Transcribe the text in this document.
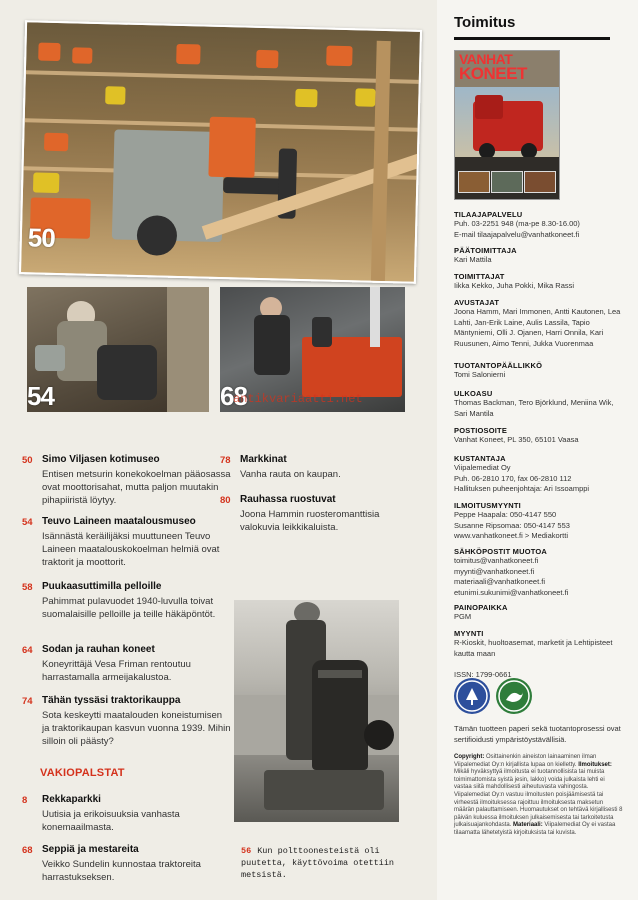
50
54	68
antikvariaatti.net
50 Simo Viljasen kotimuseo
Entisen metsurin konekokoelman pääosassa ovat moottorisahat, mutta paljon muutakin pihapiiristä löytyy.
54 Teuvo Laineen maatalousmuseo
Isännästä keräilijäksi muuttuneen Teuvo Laineen maatalouskokoelman helmiä ovat traktorit ja moottorit.
58 Puukaasuttimilla pelloille
Pahimmat pulavuodet 1940-luvulla toivat suomalaisille pelloille ja teille häkäpöntöt.
64 Sodan ja rauhan koneet
Koneyrittäjä Vesa Friman rentoutuu harrastamalla armeijakalustoa.
74 Tähän tyssäsi traktorikauppa
Sota keskeytti maatalouden koneistumisen ja traktorikaupan kasvun vuonna 1939. Mihin silloin oli päästy?
78 Markkinat
Vanha rauta on kaupan.
80 Rauhassa ruostuvat
Joona Hammin ruosteromanttisia valokuvia leikkikaluista.
VAKIOPALSTAT
8 Rekkaparkki
Uutisia ja erikoisuuksia vanhasta konemaailmasta.
68 Seppiä ja mestareita
Veikko Sundelin kunnostaa traktoreita harrastukseksen.
56 Kun polttoonesteistä oli puutetta, käyttövoima otettiin metsistä.
Toimitus
VANHAT
KONEET
TILAAJAPALVELU
Puh. 03-2251 948 (ma-pe 8.30-16.00)
E-mail tilaajapalvelu@vanhatkoneet.fi
PÄÄTOIMITTAJA
Kari Mattila
TOIMITTAJAT
Iikka Kekko, Juha Pokki, Mika Rassi
AVUSTAJAT
Joona Hamm, Mari Immonen, Antti Kautonen, Lea Lahti, Jan-Erik Laine, Aulis Lassila, Tapio Mäntyniemi, Olli J. Ojanen, Harri Onnila, Kari Ruusunen, Aimo Tenni, Jukka Vuorenmaa
TUOTANTOPÄÄLLIKKÖ
Tomi Salonierni
ULKOASU
Thomas Backman, Tero Björklund, Meniina Wik, Sari Mantila
POSTIOSOITE
Vanhat Koneet, PL 350, 65101 Vaasa
KUSTANTAJA
Viipalemediat Oy
Puh. 06-2810 170, fax 06-2810 112
Hallituksen puheenjohtaja: Ari Issoamppi
ILMOITUSMYYNTI
Peppe Haapala: 050-4147 550
Susanne Ripsomaa: 050-4147 553
www.vanhatkoneet.fi > Mediakortti
SÄHKÖPOSTIT MUOTOA
toimitus@vanhatkoneet.fi
myynti@vanhatkoneet.fi
materiaali@vanhatkoneet.fi
etunimi.sukunimi@vanhatkoneet.fi
PAINOPAIKKA
PGM
MYYNTI
R-Kioskit, huoltoasemat, marketit ja Lehtipisteet kautta maan

ISSN: 1799-0661
Tämän tuotteen paperi sekä tuotantoprosessi ovat sertifioidusti ympäristöystävällisiä.
Copyright: Osittainenkin aineiston lainaaminen ilman Viipalemediat Oy:n kirjallista lupaa on kielletty. Ilmoitukset: Mikäli hyväksyttyä ilmoitusta ei tuotannollisista tai muista toimimattomista syistä jesin, lakko) voida julkaista lehti ei vastaa siitä mahdollisesti aiheutuvasta vahingosta. Viipalemediat Oy:n vastuu ilmoitusten poisjäämisestä tai virheestä ilmoituksessa rajoittuu ilmoituksesta maksetun määrän palauttamiseen. Huomautukset on tehtävä kirjallisesti 8 päivän kuluessa ilmoituksen julkaisemisesta tai tarkoitetusta julkaisuajankohdasta. Materiaali: Viipalemediat Oy ei vastaa tilaamatta lähetetyistä kirjoituksista tai kuvista.
